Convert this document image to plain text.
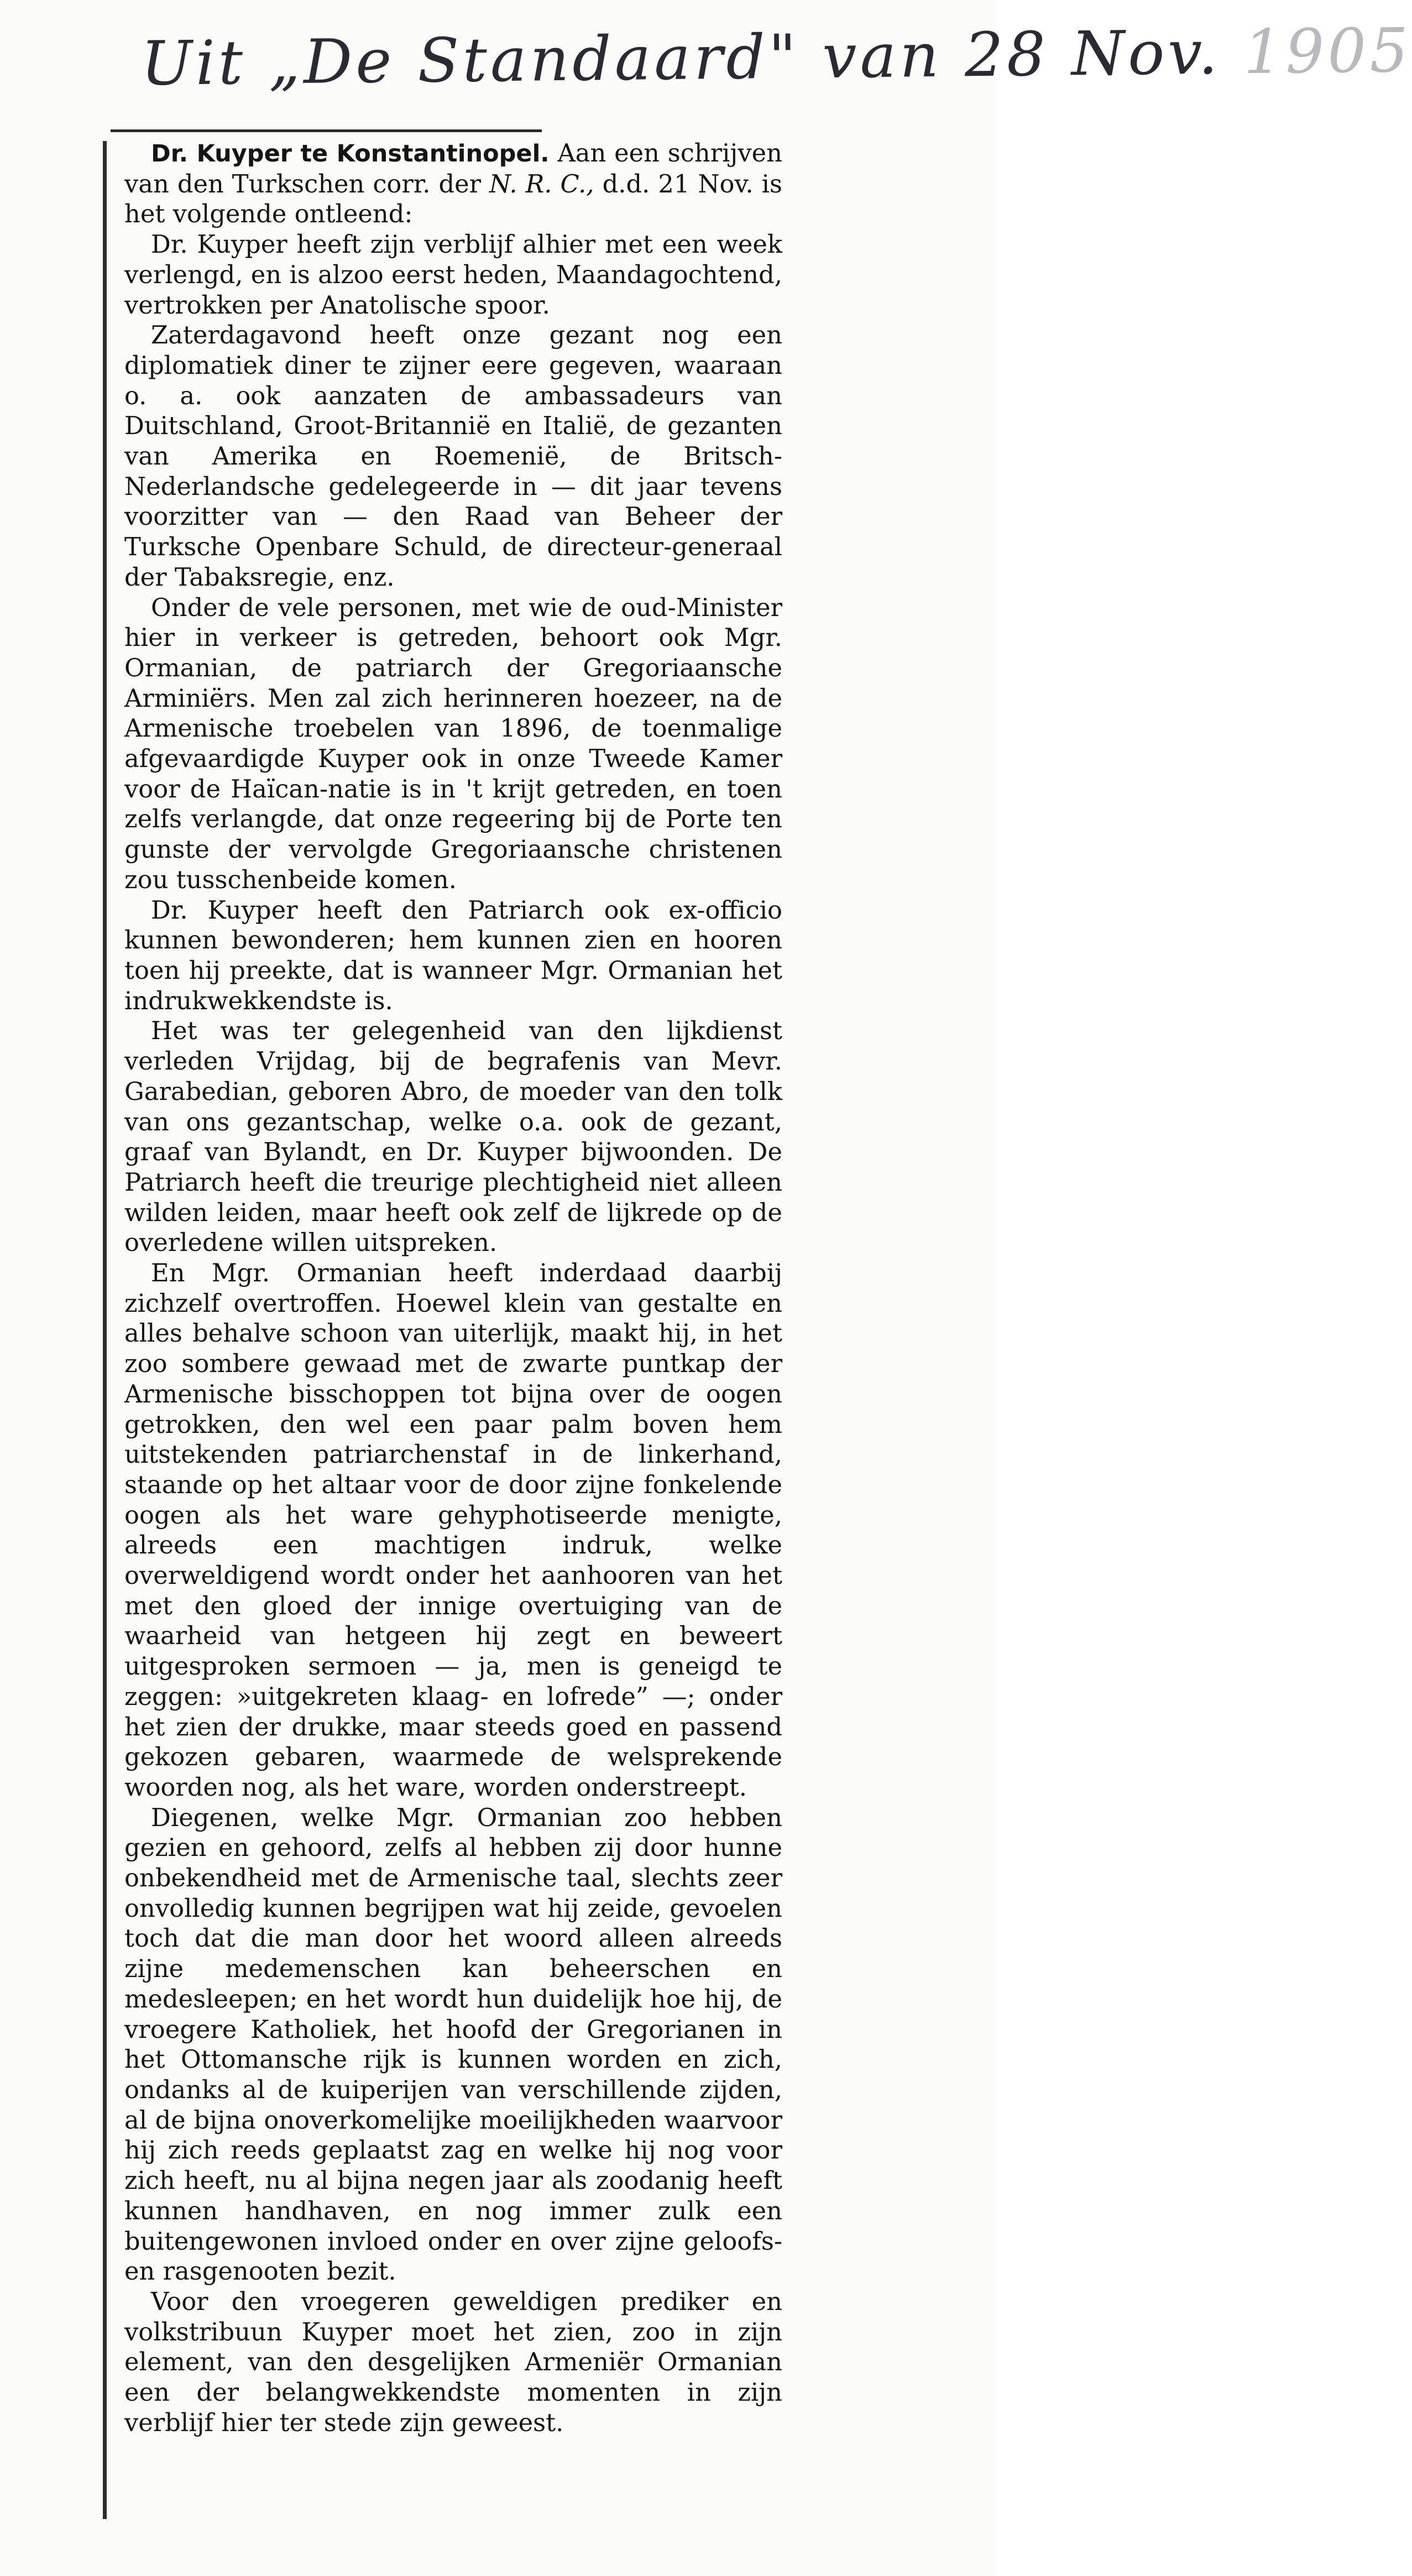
Uit „De Standaard" van 28 Nov. 1905

Dr. Kuyper te Konstantinopel. Aan een schrijven van den Turkschen corr. der N. R. C., d.d. 21 Nov. is het volgende ontleend:

Dr. Kuyper heeft zijn verblijf alhier met een week verlengd, en is alzoo eerst heden, Maandagochtend, vertrokken per Anatolische spoor.

Zaterdagavond heeft onze gezant nog een diplomatiek diner te zijner eere gegeven, waaraan o. a. ook aanzaten de ambassadeurs van Duitschland, Groot-Britannië en Italië, de gezanten van Amerika en Roemenië, de Britsch-Nederlandsche gedelegeerde in — dit jaar tevens voorzitter van — den Raad van Beheer der Turksche Openbare Schuld, de directeur-generaal der Tabaksregie, enz.

Onder de vele personen, met wie de oud-Minister hier in verkeer is getreden, behoort ook Mgr. Ormanian, de patriarch der Gregoriaansche Arminiërs. Men zal zich herinneren hoezeer, na de Armenische troebelen van 1896, de toenmalige afgevaardigde Kuyper ook in onze Tweede Kamer voor de Haïcan-natie is in 't krijt getreden, en toen zelfs verlangde, dat onze regeering bij de Porte ten gunste der vervolgde Gregoriaansche christenen zou tusschenbeide komen.

Dr. Kuyper heeft den Patriarch ook ex-officio kunnen bewonderen; hem kunnen zien en hooren toen hij preekte, dat is wanneer Mgr. Ormanian het indrukwekkendste is.

Het was ter gelegenheid van den lijkdienst verleden Vrijdag, bij de begrafenis van Mevr. Garabedian, geboren Abro, de moeder van den tolk van ons gezantschap, welke o.a. ook de gezant, graaf van Bylandt, en Dr. Kuyper bijwoonden. De Patriarch heeft die treurige plechtigheid niet alleen wilden leiden, maar heeft ook zelf de lijkrede op de overledene willen uitspreken.

En Mgr. Ormanian heeft inderdaad daarbij zichzelf overtroffen. Hoewel klein van gestalte en alles behalve schoon van uiterlijk, maakt hij, in het zoo sombere gewaad met de zwarte puntkap der Armenische bisschoppen tot bijna over de oogen getrokken, den wel een paar palm boven hem uitstekenden patriarchenstaf in de linkerhand, staande op het altaar voor de door zijne fonkelende oogen als het ware gehyphotiseerde menigte, alreeds een machtigen indruk, welke overweldigend wordt onder het aanhooren van het met den gloed der innige overtuiging van de waarheid van hetgeen hij zegt en beweert uitgesproken sermoen — ja, men is geneigd te zeggen: »uitgekreten klaag- en lofrede” —; onder het zien der drukke, maar steeds goed en passend gekozen gebaren, waarmede de welsprekende woorden nog, als het ware, worden onderstreept.

Diegenen, welke Mgr. Ormanian zoo hebben gezien en gehoord, zelfs al hebben zij door hunne onbekendheid met de Armenische taal, slechts zeer onvolledig kunnen begrijpen wat hij zeide, gevoelen toch dat die man door het woord alleen alreeds zijne medemenschen kan beheerschen en medesleepen; en het wordt hun duidelijk hoe hij, de vroegere Katholiek, het hoofd der Gregorianen in het Ottomansche rijk is kunnen worden en zich, ondanks al de kuiperijen van verschillende zijden, al de bijna onoverkomelijke moeilijkheden waarvoor hij zich reeds geplaatst zag en welke hij nog voor zich heeft, nu al bijna negen jaar als zoodanig heeft kunnen handhaven, en nog immer zulk een buitengewonen invloed onder en over zijne geloofs- en rasgenooten bezit.

Voor den vroegeren geweldigen prediker en volkstribuun Kuyper moet het zien, zoo in zijn element, van den desgelijken Armeniër Ormanian een der belangwekkendste momenten in zijn verblijf hier ter stede zijn geweest.
